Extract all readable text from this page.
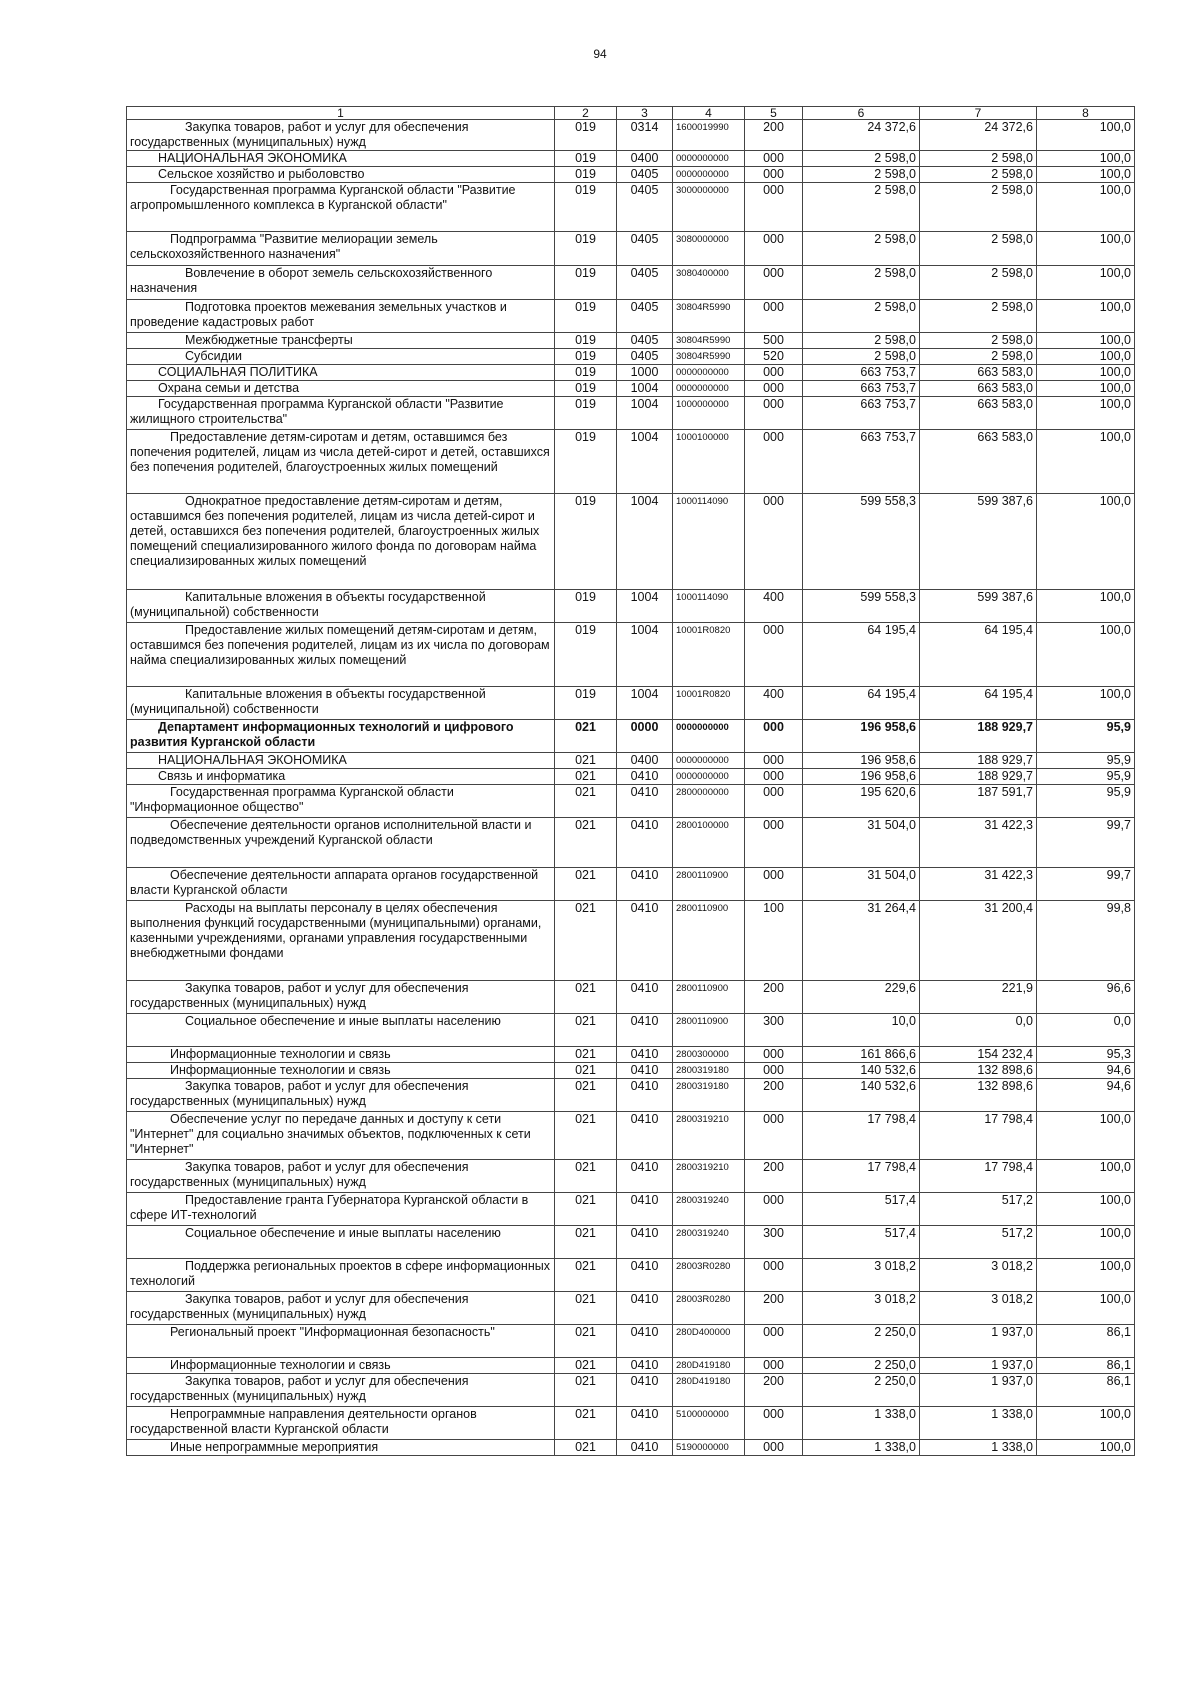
94
1	2	3	4	5	6	7	8
Закупка товаров, работ и услуг для обеспечения государственных (муниципальных) нужд	019	0314	1600019990	200	24 372,6	24 372,6	100,0
НАЦИОНАЛЬНАЯ ЭКОНОМИКА	019	0400	0000000000	000	2 598,0	2 598,0	100,0
Сельское хозяйство и рыболовство	019	0405	0000000000	000	2 598,0	2 598,0	100,0
Государственная программа Курганской области "Развитие агропромышленного комплекса в Курганской области"	019	0405	3000000000	000	2 598,0	2 598,0	100,0
Подпрограмма "Развитие мелиорации земель сельскохозяйственного назначения"	019	0405	3080000000	000	2 598,0	2 598,0	100,0
Вовлечение в оборот земель сельскохозяйственного назначения	019	0405	3080400000	000	2 598,0	2 598,0	100,0
Подготовка проектов межевания земельных участков и проведение кадастровых работ	019	0405	30804R5990	000	2 598,0	2 598,0	100,0
Межбюджетные трансферты	019	0405	30804R5990	500	2 598,0	2 598,0	100,0
Субсидии	019	0405	30804R5990	520	2 598,0	2 598,0	100,0
СОЦИАЛЬНАЯ ПОЛИТИКА	019	1000	0000000000	000	663 753,7	663 583,0	100,0
Охрана семьи и детства	019	1004	0000000000	000	663 753,7	663 583,0	100,0
Государственная программа Курганской области "Развитие жилищного строительства"	019	1004	1000000000	000	663 753,7	663 583,0	100,0
Предоставление детям-сиротам и детям, оставшимся без попечения родителей, лицам из числа детей-сирот и детей, оставшихся без попечения родителей, благоустроенных жилых помещений	019	1004	1000100000	000	663 753,7	663 583,0	100,0
Однократное предоставление детям-сиротам и детям, оставшимся без попечения родителей, лицам из числа детей-сирот и детей, оставшихся без попечения родителей, благоустроенных жилых помещений специализированного жилого фонда по договорам найма специализированных жилых помещений	019	1004	1000114090	000	599 558,3	599 387,6	100,0
Капитальные вложения в объекты государственной (муниципальной) собственности	019	1004	1000114090	400	599 558,3	599 387,6	100,0
Предоставление жилых помещений детям-сиротам и детям, оставшимся без попечения родителей, лицам из их числа по договорам найма специализированных жилых помещений	019	1004	10001R0820	000	64 195,4	64 195,4	100,0
Капитальные вложения в объекты государственной (муниципальной) собственности	019	1004	10001R0820	400	64 195,4	64 195,4	100,0
Департамент информационных технологий и цифрового развития Курганской области	021	0000	0000000000	000	196 958,6	188 929,7	95,9
НАЦИОНАЛЬНАЯ ЭКОНОМИКА	021	0400	0000000000	000	196 958,6	188 929,7	95,9
Связь и информатика	021	0410	0000000000	000	196 958,6	188 929,7	95,9
Государственная программа Курганской области "Информационное общество"	021	0410	2800000000	000	195 620,6	187 591,7	95,9
Обеспечение деятельности органов исполнительной власти и подведомственных учреждений Курганской области	021	0410	2800100000	000	31 504,0	31 422,3	99,7
Обеспечение деятельности аппарата органов государственной власти Курганской области	021	0410	2800110900	000	31 504,0	31 422,3	99,7
Расходы на выплаты персоналу в целях обеспечения выполнения функций государственными (муниципальными) органами, казенными учреждениями, органами управления государственными внебюджетными фондами	021	0410	2800110900	100	31 264,4	31 200,4	99,8
Закупка товаров, работ и услуг для обеспечения государственных (муниципальных) нужд	021	0410	2800110900	200	229,6	221,9	96,6
Социальное обеспечение и иные выплаты населению	021	0410	2800110900	300	10,0	0,0	0,0
Информационные технологии и связь	021	0410	2800300000	000	161 866,6	154 232,4	95,3
Информационные технологии и связь	021	0410	2800319180	000	140 532,6	132 898,6	94,6
Закупка товаров, работ и услуг для обеспечения государственных (муниципальных) нужд	021	0410	2800319180	200	140 532,6	132 898,6	94,6
Обеспечение услуг по передаче данных и доступу к сети "Интернет" для социально значимых объектов, подключенных к сети "Интернет"	021	0410	2800319210	000	17 798,4	17 798,4	100,0
Закупка товаров, работ и услуг для обеспечения государственных (муниципальных) нужд	021	0410	2800319210	200	17 798,4	17 798,4	100,0
Предоставление гранта Губернатора Курганской области в сфере ИТ-технологий	021	0410	2800319240	000	517,4	517,2	100,0
Социальное обеспечение и иные выплаты населению	021	0410	2800319240	300	517,4	517,2	100,0
Поддержка региональных проектов в сфере информационных технологий	021	0410	28003R0280	000	3 018,2	3 018,2	100,0
Закупка товаров, работ и услуг для обеспечения государственных (муниципальных) нужд	021	0410	28003R0280	200	3 018,2	3 018,2	100,0
Региональный проект "Информационная безопасность"	021	0410	280D400000	000	2 250,0	1 937,0	86,1
Информационные технологии и связь	021	0410	280D419180	000	2 250,0	1 937,0	86,1
Закупка товаров, работ и услуг для обеспечения государственных (муниципальных) нужд	021	0410	280D419180	200	2 250,0	1 937,0	86,1
Непрограммные направления деятельности органов государственной власти Курганской области	021	0410	5100000000	000	1 338,0	1 338,0	100,0
Иные непрограммные мероприятия	021	0410	5190000000	000	1 338,0	1 338,0	100,0
